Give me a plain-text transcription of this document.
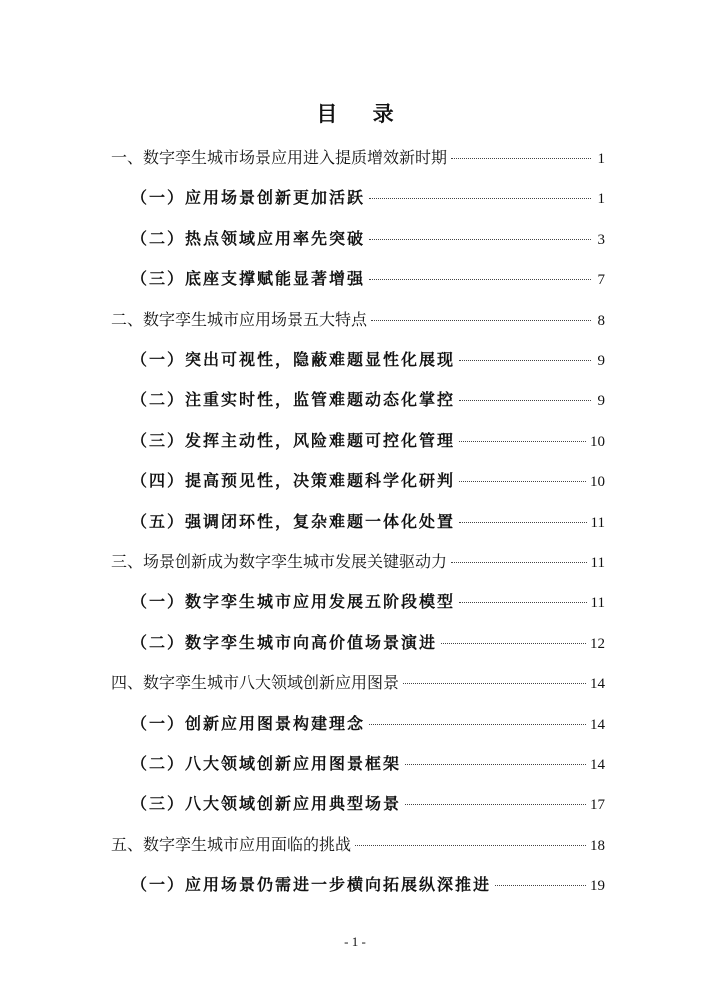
目 录
一、数字孪生城市场景应用进入提质增效新时期	1
（一）应用场景创新更加活跃	1
（二）热点领域应用率先突破	3
（三）底座支撑赋能显著增强	7
二、数字孪生城市应用场景五大特点	8
（一）突出可视性，隐蔽难题显性化展现	9
（二）注重实时性，监管难题动态化掌控	9
（三）发挥主动性，风险难题可控化管理	10
（四）提高预见性，决策难题科学化研判	10
（五）强调闭环性，复杂难题一体化处置	11
三、场景创新成为数字孪生城市发展关键驱动力	11
（一）数字孪生城市应用发展五阶段模型	11
（二）数字孪生城市向高价值场景演进	12
四、数字孪生城市八大领域创新应用图景	14
（一）创新应用图景构建理念	14
（二）八大领域创新应用图景框架	14
（三）八大领域创新应用典型场景	17
五、数字孪生城市应用面临的挑战	18
（一）应用场景仍需进一步横向拓展纵深推进	19
- 1 -
